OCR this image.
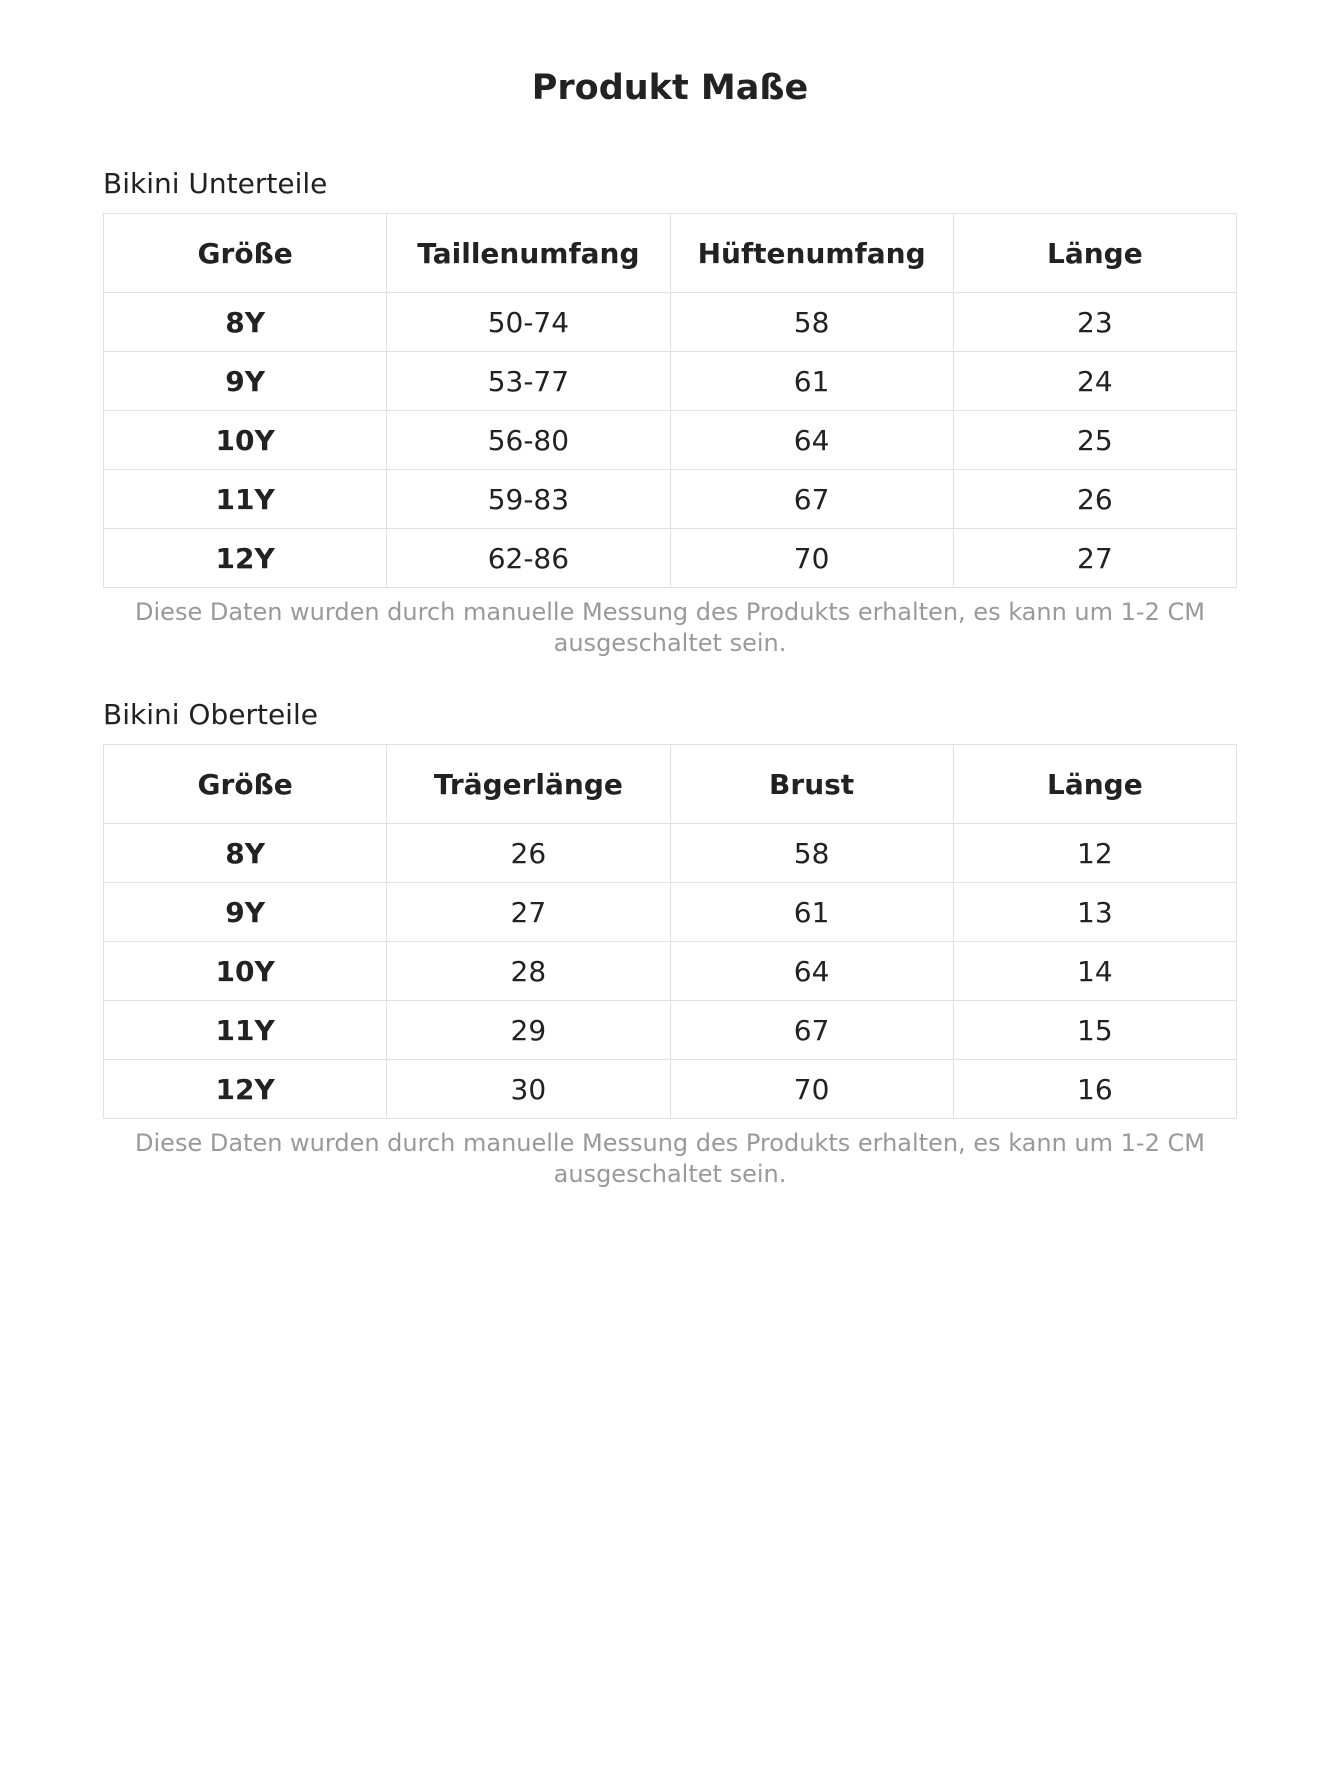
Produkt Maße
Bikini Unterteile
Größe	Taillenumfang	Hüftenumfang	Länge
8Y	50-74	58	23
9Y	53-77	61	24
10Y	56-80	64	25
11Y	59-83	67	26
12Y	62-86	70	27
Diese Daten wurden durch manuelle Messung des Produkts erhalten, es kann um 1-2 CM ausgeschaltet sein.
Bikini Oberteile
Größe	Trägerlänge	Brust	Länge
8Y	26	58	12
9Y	27	61	13
10Y	28	64	14
11Y	29	67	15
12Y	30	70	16
Diese Daten wurden durch manuelle Messung des Produkts erhalten, es kann um 1-2 CM ausgeschaltet sein.
